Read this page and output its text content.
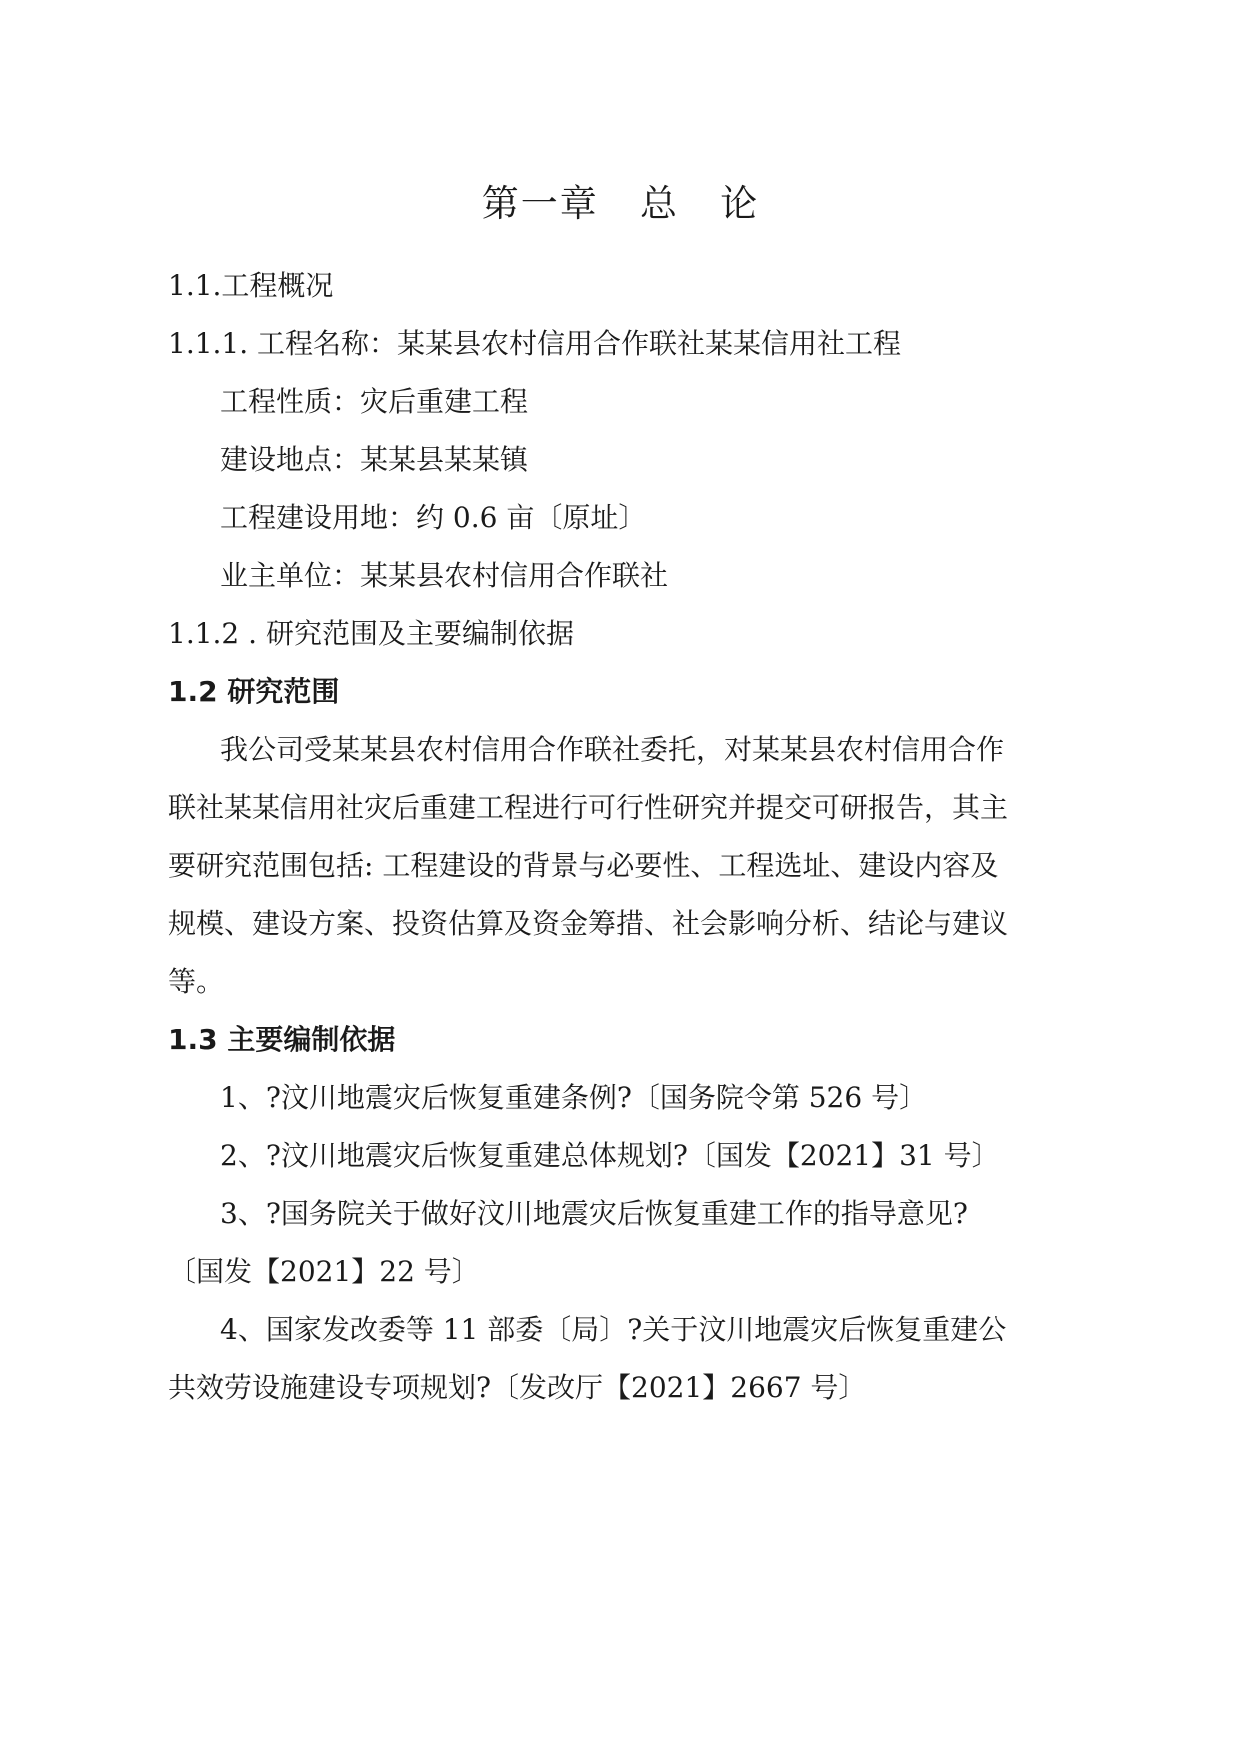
第一章   总   论
1.1.工程概况
1.1.1. 工程名称：某某县农村信用合作联社某某信用社工程
工程性质：灾后重建工程
建设地点：某某县某某镇
工程建设用地：约 0.6 亩〔原址〕
业主单位：某某县农村信用合作联社
1.1.2 . 研究范围及主要编制依据
1.2 研究范围
我公司受某某县农村信用合作联社委托，对某某县农村信用合作
联社某某信用社灾后重建工程进行可行性研究并提交可研报告，其主
要研究范围包括: 工程建设的背景与必要性、工程选址、建设内容及
规模、建设方案、投资估算及资金筹措、社会影响分析、结论与建议
等。
1.3 主要编制依据
1、?汶川地震灾后恢复重建条例?〔国务院令第 526 号〕
2、?汶川地震灾后恢复重建总体规划?〔国发【2021】31 号〕
3、?国务院关于做好汶川地震灾后恢复重建工作的指导意见?
〔国发【2021】22 号〕
4、国家发改委等 11 部委〔局〕?关于汶川地震灾后恢复重建公
共效劳设施建设专项规划?〔发改厅【2021】2667 号〕
